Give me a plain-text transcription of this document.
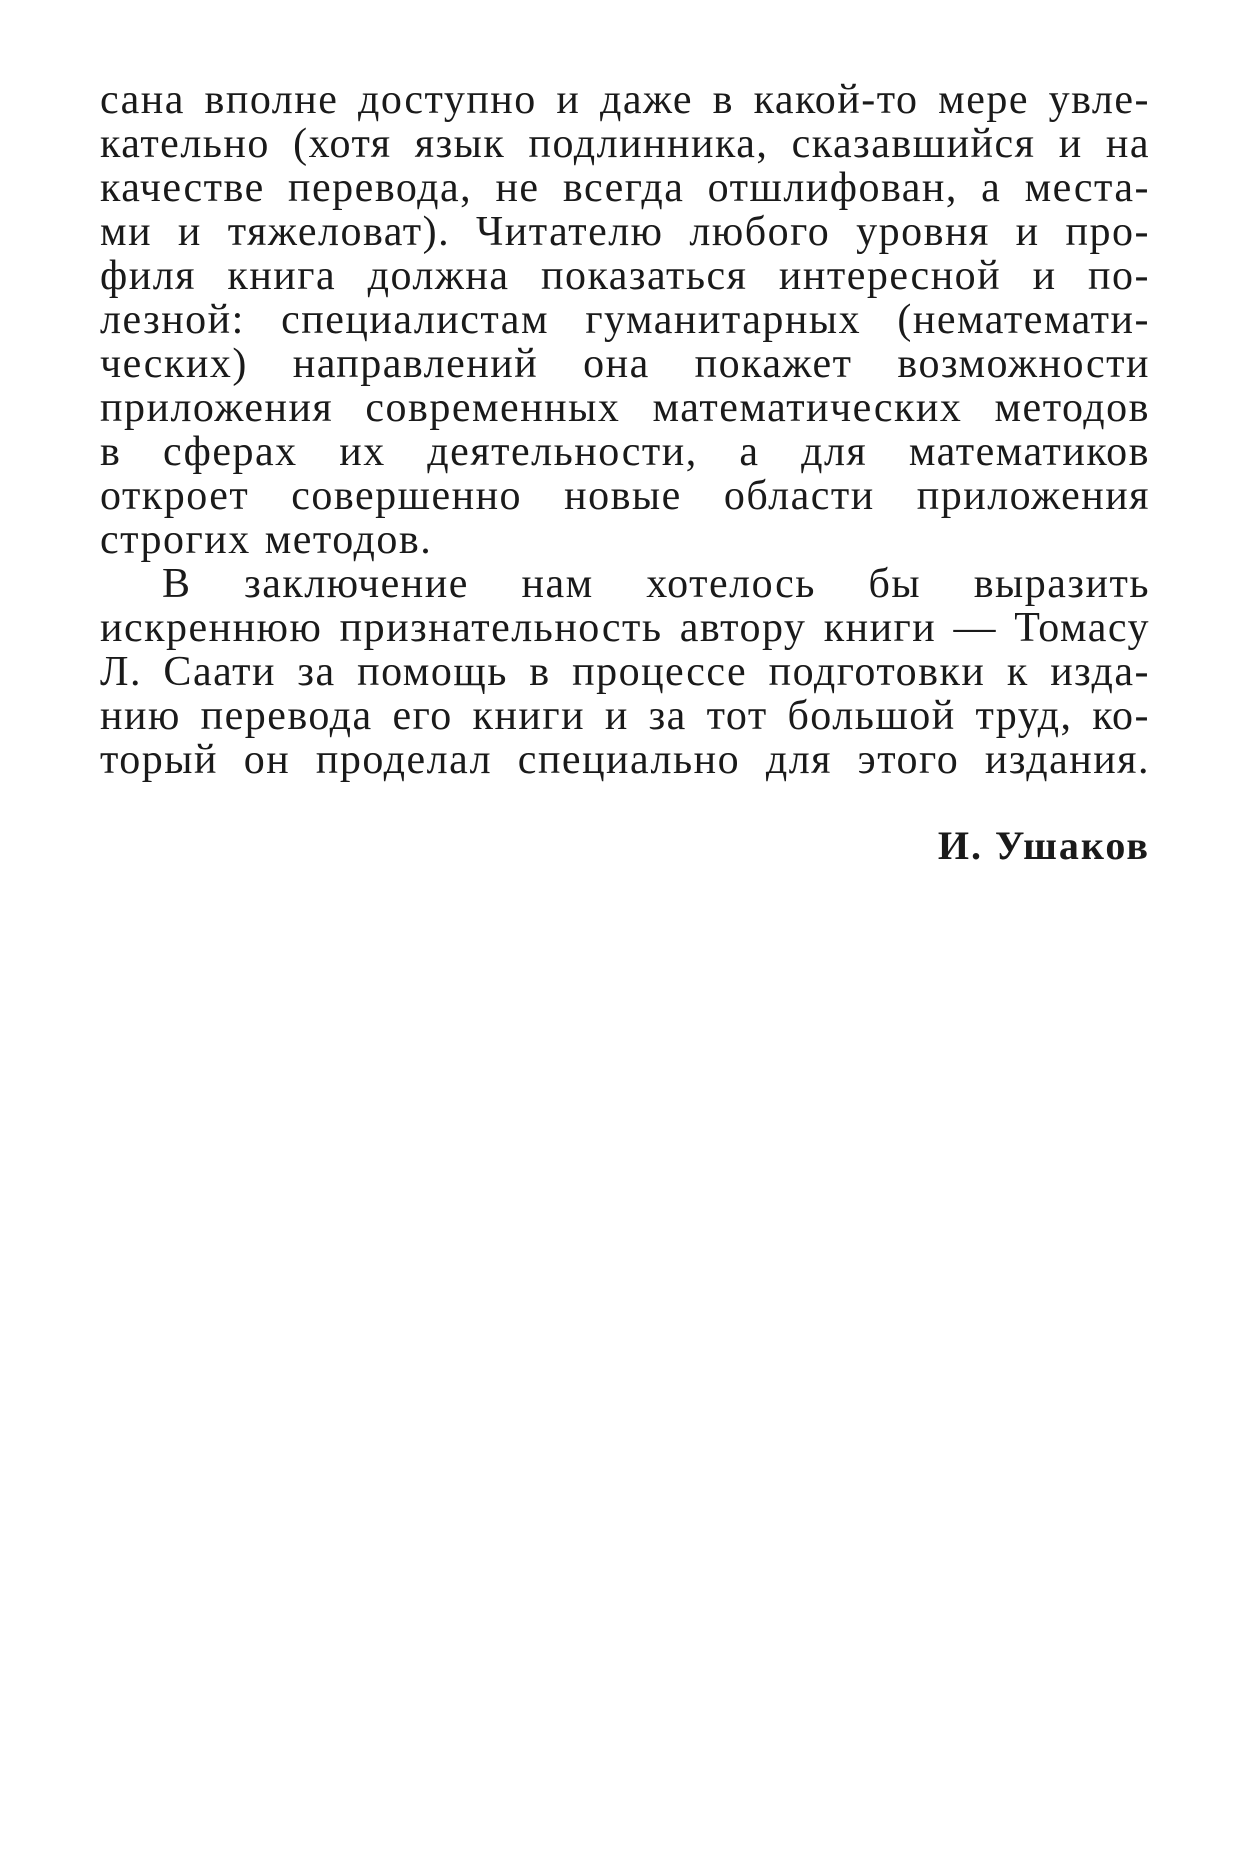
сана вполне доступно и даже в какой-то мере увле-
кательно (хотя язык подлинника, сказавшийся и на
качестве перевода, не всегда отшлифован, а места-
ми и тяжеловат). Читателю любого уровня и про-
филя книга должна показаться интересной и по-
лезной: специалистам гуманитарных (нематемати-
ческих) направлений она покажет возможности
приложения современных математических методов
в сферах их деятельности, а для математиков
откроет совершенно новые области приложения
строгих методов.
В заключение нам хотелось бы выразить
искреннюю признательность автору книги — Томасу
Л. Саати за помощь в процессе подготовки к изда-
нию перевода его книги и за тот большой труд, ко-
торый он проделал специально для этого издания.
И. Ушаков
